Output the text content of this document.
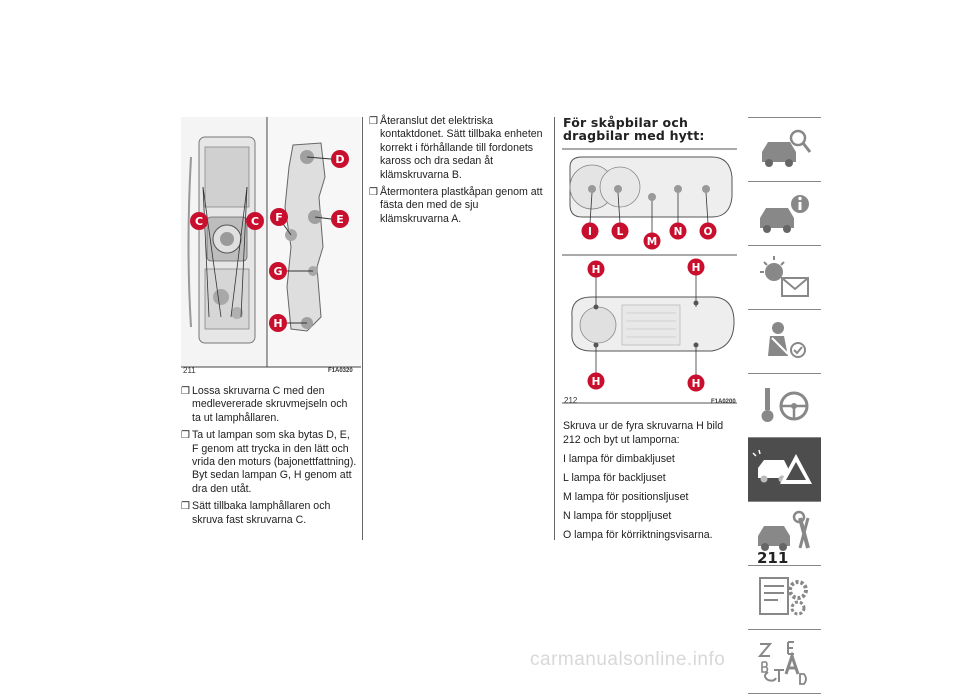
C	C
D
E
F
G
H
211	F1A0320
❒ Lossa skruvarna C med den medlevererade skruvmejseln och ta ut lamphållaren.
❒ Ta ut lampan som ska bytas D, E, F genom att trycka in den lätt och vrida den moturs (bajonettfattning). Byt sedan lampan G, H genom att dra den utåt.
❒ Sätt tillbaka lamphållaren och skruva fast skruvarna C.
❒ Återanslut det elektriska kontaktdonet. Sätt tillbaka enheten korrekt i förhållande till fordonets kaross och dra sedan åt klämskruvarna B.
❒ Återmontera plastkåpan genom att fästa den med de sju klämskruvarna A.
För skåpbilar och
dragbilar med hytt:
I L
M
N O
H	H
H	H
212	F1A0200

Skruva ur de fyra skruvarna H bild 212 och byt ut lamporna:

I lampa för dimbakljuset

L lampa för backljuset

M lampa för positionsljuset

N lampa för stoppljuset

O lampa för körriktningsvisarna.

211
carmanualsonline.info
